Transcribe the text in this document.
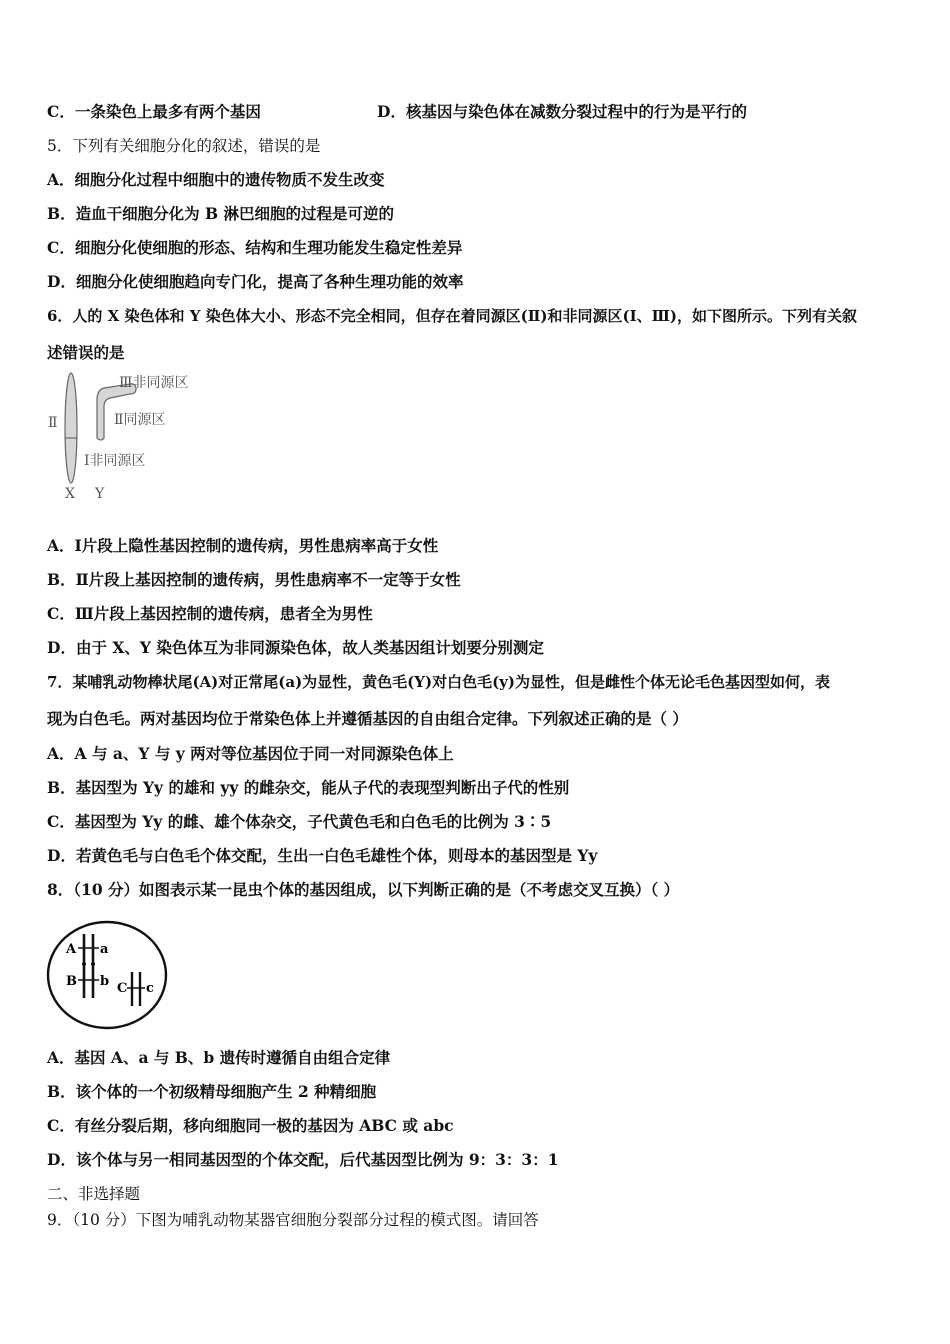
C．一条染色上最多有两个基因	D．核基因与染色体在减数分裂过程中的行为是平行的
5．下列有关细胞分化的叙述，错误的是
A．细胞分化过程中细胞中的遗传物质不发生改变
B．造血干细胞分化为 B 淋巴细胞的过程是可逆的
C．细胞分化使细胞的形态、结构和生理功能发生稳定性差异
D．细胞分化使细胞趋向专门化，提高了各种生理功能的效率
6．人的 X 染色体和 Y 染色体大小、形态不完全相同，但存在着同源区(Ⅱ)和非同源区(Ⅰ、Ⅲ)，如下图所示。下列有关叙
述错误的是
Ⅱ
Ⅲ非同源区
Ⅱ同源区
Ⅰ非同源区
X Y
A．Ⅰ片段上隐性基因控制的遗传病，男性患病率高于女性
B．Ⅱ片段上基因控制的遗传病，男性患病率不一定等于女性
C．Ⅲ片段上基因控制的遗传病，患者全为男性
D．由于 X、Y 染色体互为非同源染色体，故人类基因组计划要分别测定
7．某哺乳动物棒状尾(A)对正常尾(a)为显性，黄色毛(Y)对白色毛(y)为显性，但是雌性个体无论毛色基因型如何，表
现为白色毛。两对基因均位于常染色体上并遵循基因的自由组合定律。下列叙述正确的是（ ）
A．A 与 a、Y 与 y 两对等位基因位于同一对同源染色体上
B．基因型为 Yy 的雄和 yy 的雌杂交，能从子代的表现型判断出子代的性别
C．基因型为 Yy 的雌、雄个体杂交，子代黄色毛和白色毛的比例为 3∶5
D．若黄色毛与白色毛个体交配，生出一白色毛雄性个体，则母本的基因型是 Yy
8．（10 分）如图表示某一昆虫个体的基因组成，以下判断正确的是（不考虑交叉互换）（ ）
A a
B b C c
A．基因 A、a 与 B、b 遗传时遵循自由组合定律
B．该个体的一个初级精母细胞产生 2 种精细胞
C．有丝分裂后期，移向细胞同一极的基因为 ABC 或 abc
D．该个体与另一相同基因型的个体交配，后代基因型比例为 9：3：3：1
二、非选择题
9．（10 分）下图为哺乳动物某器官细胞分裂部分过程的模式图。请回答
